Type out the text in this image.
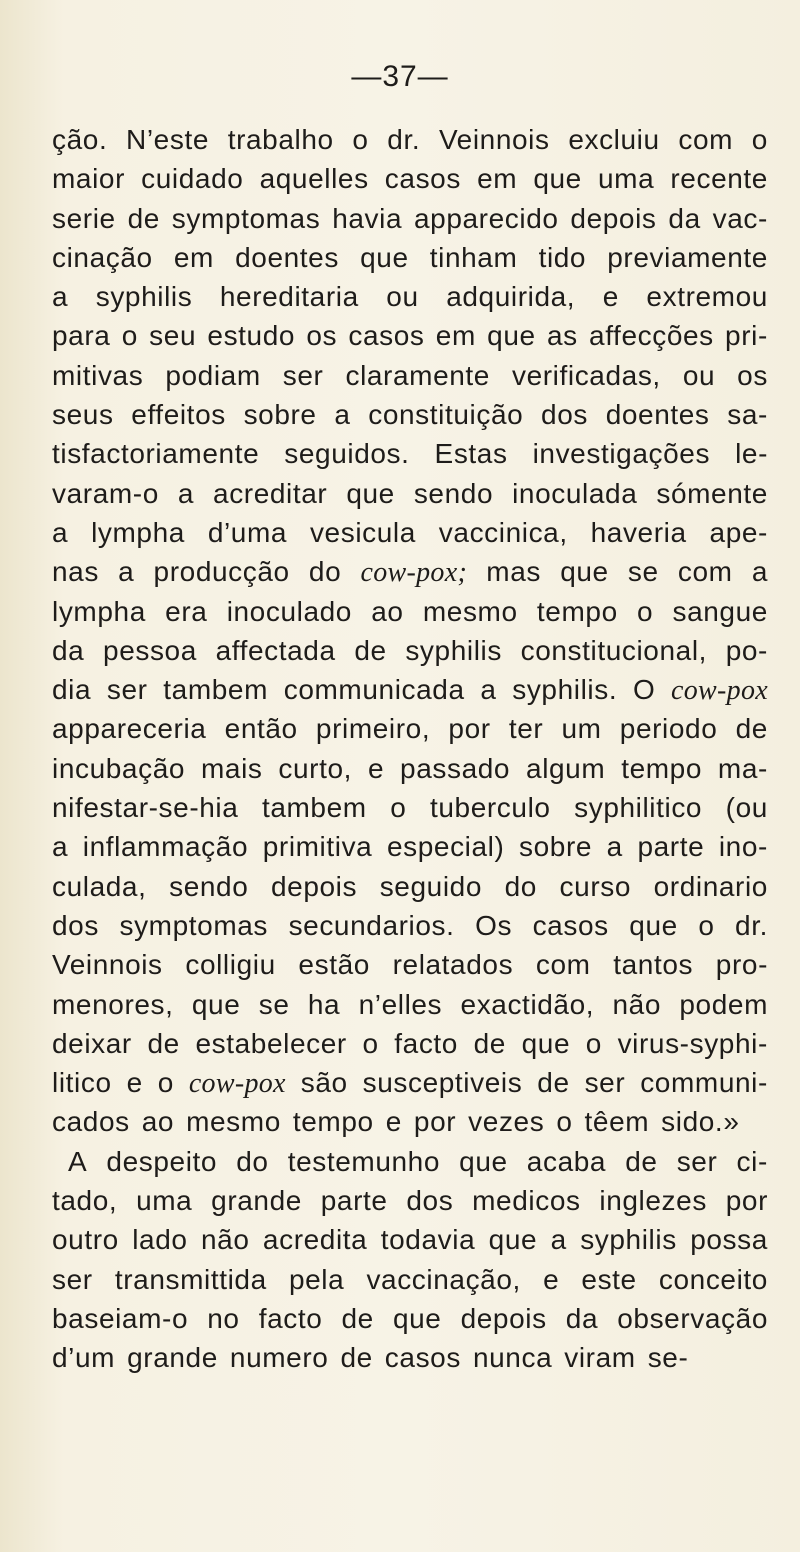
—37—
ção. N’este trabalho o dr. Veinnois excluiu com o
maior cuidado aquelles casos em que uma recente
serie de symptomas havia apparecido depois da vac-
cinação em doentes que tinham tido previamente
a syphilis hereditaria ou adquirida, e extremou
para o seu estudo os casos em que as affecções pri-
mitivas podiam ser claramente verificadas, ou os
seus effeitos sobre a constituição dos doentes sa-
tisfactoriamente seguidos. Estas investigações le-
varam-o a acreditar que sendo inoculada sómente
a lympha d’uma vesicula vaccinica, haveria ape-
nas a producção do cow-pox; mas que se com a
lympha era inoculado ao mesmo tempo o sangue
da pessoa affectada de syphilis constitucional, po-
dia ser tambem communicada a syphilis. O cow-pox
appareceria então primeiro, por ter um periodo de
incubação mais curto, e passado algum tempo ma-
nifestar-se-hia tambem o tuberculo syphilitico (ou
a inflammação primitiva especial) sobre a parte ino-
culada, sendo depois seguido do curso ordinario
dos symptomas secundarios. Os casos que o dr.
Veinnois colligiu estão relatados com tantos pro-
menores, que se ha n’elles exactidão, não podem
deixar de estabelecer o facto de que o virus-syphi-
litico e o cow-pox são susceptiveis de ser communi-
cados ao mesmo tempo e por vezes o têem sido.»
A despeito do testemunho que acaba de ser ci-
tado, uma grande parte dos medicos inglezes por
outro lado não acredita todavia que a syphilis possa
ser transmittida pela vaccinação, e este conceito
baseiam-o no facto de que depois da observação
d’um grande numero de casos nunca viram se-
